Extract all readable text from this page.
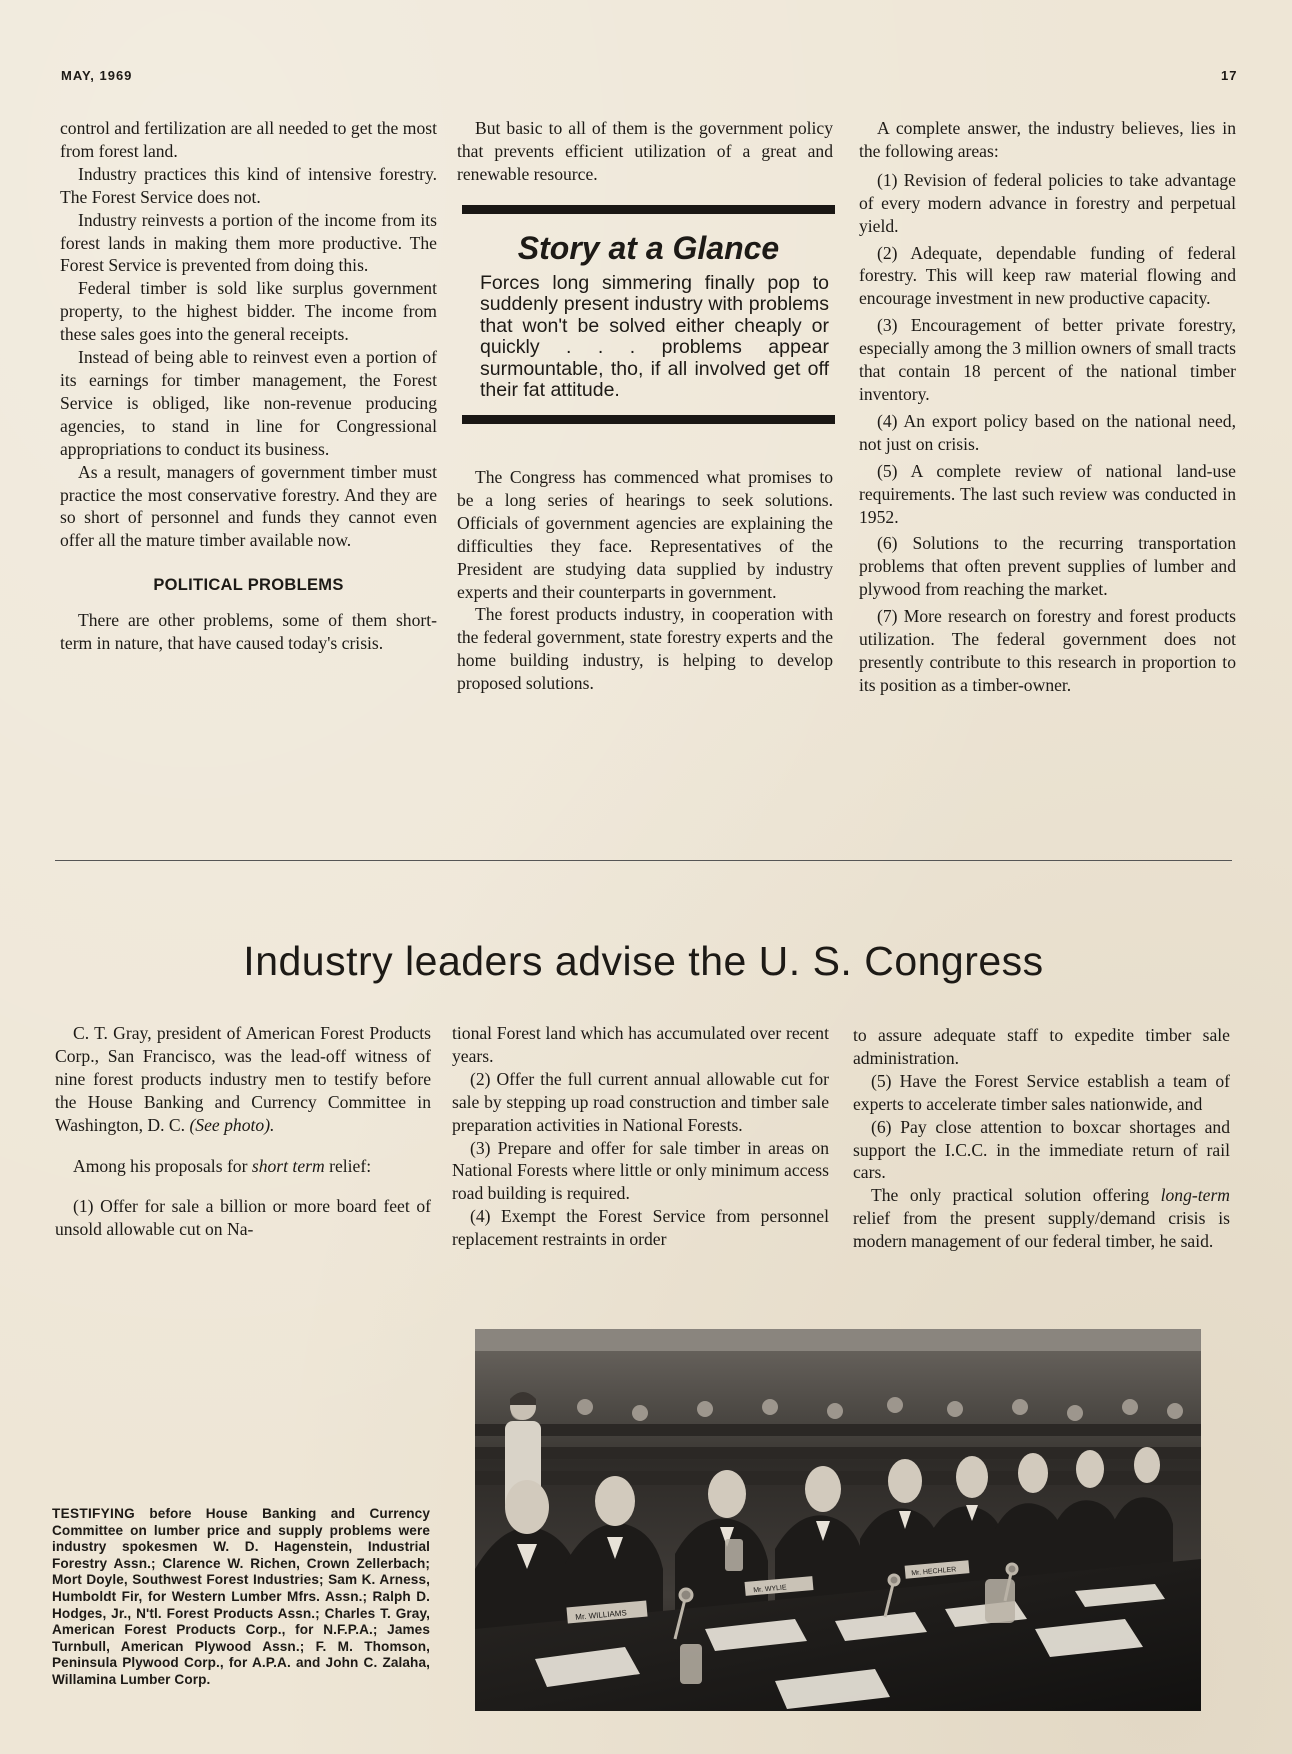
MAY, 1969	17

control and fertilization are all needed to get the most from forest land.

Industry practices this kind of intensive forestry. The Forest Service does not.

Industry reinvests a portion of the income from its forest lands in making them more productive. The Forest Service is prevented from doing this.

Federal timber is sold like surplus government property, to the highest bidder. The income from these sales goes into the general receipts.

Instead of being able to reinvest even a portion of its earnings for timber management, the Forest Service is obliged, like non-revenue producing agencies, to stand in line for Congressional appropriations to conduct its business.

As a result, managers of government timber must practice the most conservative forestry. And they are so short of personnel and funds they cannot even offer all the mature timber available now.

POLITICAL PROBLEMS

There are other problems, some of them short-term in nature, that have caused today's crisis.

But basic to all of them is the government policy that prevents efficient utilization of a great and renewable resource.

Story at a Glance
Forces long simmering finally pop to suddenly present industry with problems that won't be solved either cheaply or quickly . . . problems appear surmountable, tho, if all involved get off their fat attitude.

The Congress has commenced what promises to be a long series of hearings to seek solutions. Officials of government agencies are explaining the difficulties they face. Representatives of the President are studying data supplied by industry experts and their counterparts in government.

The forest products industry, in cooperation with the federal government, state forestry experts and the home building industry, is helping to develop proposed solutions.

A complete answer, the industry believes, lies in the following areas:

(1) Revision of federal policies to take advantage of every modern advance in forestry and perpetual yield.

(2) Adequate, dependable funding of federal forestry. This will keep raw material flowing and encourage investment in new productive capacity.

(3) Encouragement of better private forestry, especially among the 3 million owners of small tracts that contain 18 percent of the national timber inventory.

(4) An export policy based on the national need, not just on crisis.

(5) A complete review of national land-use requirements. The last such review was conducted in 1952.

(6) Solutions to the recurring transportation problems that often prevent supplies of lumber and plywood from reaching the market.

(7) More research on forestry and forest products utilization. The federal government does not presently contribute to this research in proportion to its position as a timber-owner.

Industry leaders advise the U. S. Congress

C. T. Gray, president of American Forest Products Corp., San Francisco, was the lead-off witness of nine forest products industry men to testify before the House Banking and Currency Committee in Washington, D. C. (See photo).

Among his proposals for short term relief:

(1) Offer for sale a billion or more board feet of unsold allowable cut on Na-

tional Forest land which has accumulated over recent years.

(2) Offer the full current annual allowable cut for sale by stepping up road construction and timber sale preparation activities in National Forests.

(3) Prepare and offer for sale timber in areas on National Forests where little or only minimum access road building is required.

(4) Exempt the Forest Service from personnel replacement restraints in order

to assure adequate staff to expedite timber sale administration.

(5) Have the Forest Service establish a team of experts to accelerate timber sales nationwide, and

(6) Pay close attention to boxcar shortages and support the I.C.C. in the immediate return of rail cars.

The only practical solution offering long-term relief from the present supply/demand crisis is modern management of our federal timber, he said.

TESTIFYING before House Banking and Currency Committee on lumber price and supply problems were industry spokesmen W. D. Hagenstein, Industrial Forestry Assn.; Clarence W. Richen, Crown Zellerbach; Mort Doyle, Southwest Forest Industries; Sam K. Arness, Humboldt Fir, for Western Lumber Mfrs. Assn.; Ralph D. Hodges, Jr., N'tl. Forest Products Assn.; Charles T. Gray, American Forest Products Corp., for N.F.P.A.; James Turnbull, American Plywood Assn.; F. M. Thomson, Peninsula Plywood Corp., for A.P.A. and John C. Zalaha, Willamina Lumber Corp.
Mr. WILLIAMS
Mr. WYLIE
Mr. HECHLER
